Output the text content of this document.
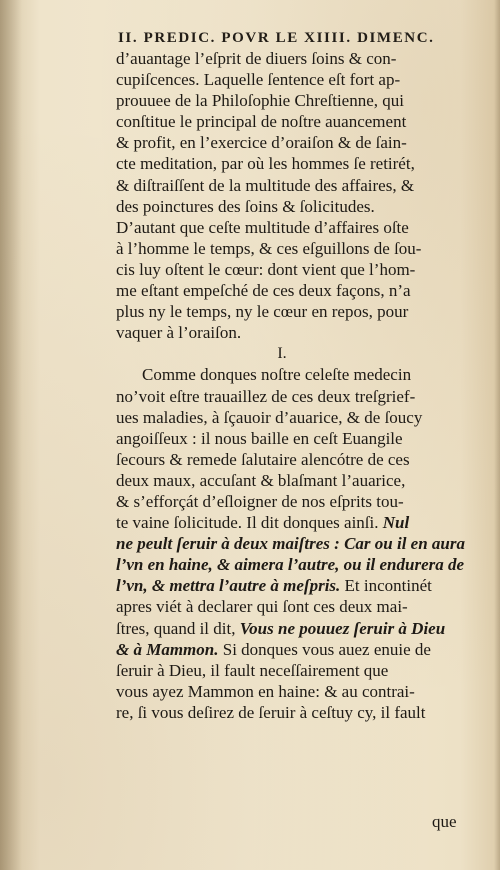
II. PREDIC. POVR LE XIIII. DIMENC.
d’auantage l’eſprit de diuers ſoins & con-
cupiſcences. Laquelle ſentence eſt fort ap-
prouuee de la Philoſophie Chreſtienne, qui
conſtitue le principal de noſtre auancement
& profit, en l’exercice d’oraiſon & de ſain-
cte meditation, par où les hommes ſe retirét,
& diſtraiſſent de la multitude des affaires, &
des poinctures des ſoins & ſolicitudes.
D’autant que ceſte multitude d’affaires oſte
à l’homme le temps, & ces eſguillons de ſou-
cis luy oſtent le cœur: dont vient que l’hom-
me eſtant empeſché de ces deux façons, n’a
plus ny le temps, ny le cœur en repos, pour
vaquer à l’oraiſon.
I.
Comme donques noſtre celeſte medecin
no’voit eſtre trauaillez de ces deux treſgrief-
ues maladies, à ſçauoir d’auarice, & de ſoucy
angoiſſeux : il nous baille en ceſt Euangile
ſecours & remede ſalutaire alencótre de ces
deux maux, accuſant & blaſmant l’auarice,
& s’efforçát d’eſloigner de nos eſprits tou-
te vaine ſolicitude. Il dit donques ainſi. Nul
ne peult ſeruir à deux maiſtres : Car ou il en aura
l’vn en haine, & aimera l’autre, ou il endurera de
l’vn, & mettra l’autre à meſpris. Et incontinét
apres viét à declarer qui ſont ces deux mai-
ſtres, quand il dit, Vous ne pouuez ſeruir à Dieu
& à Mammon. Si donques vous auez enuie de
ſeruir à Dieu, il fault neceſſairement que
vous ayez Mammon en haine: & au contrai-
re, ſi vous deſirez de ſeruir à ceſtuy cy, il fault
que
